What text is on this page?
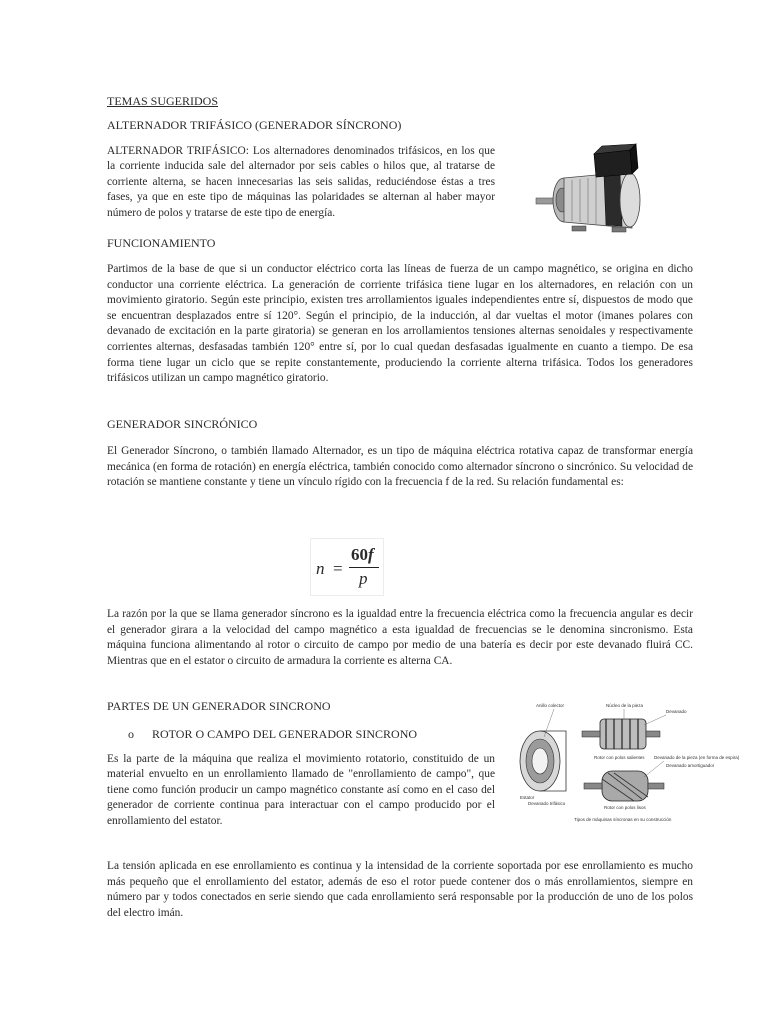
TEMAS SUGERIDOS

ALTERNADOR TRIFÁSICO (GENERADOR SÍNCRONO)

ALTERNADOR TRIFÁSICO: Los alternadores denominados trifásicos, en los que la corriente inducida sale del alternador por seis cables o hilos que, al tratarse de corriente alterna, se hacen innecesarias las seis salidas, reduciéndose éstas a tres fases, ya que en este tipo de máquinas las polaridades se alternan al haber mayor número de polos y tratarse de este tipo de energía.

FUNCIONAMIENTO

Partimos de la base de que si un conductor eléctrico corta las líneas de fuerza de un campo magnético, se origina en dicho conductor una corriente eléctrica. La generación de corriente trifásica tiene lugar en los alternadores, en relación con un movimiento giratorio. Según este principio, existen tres arrollamientos iguales independientes entre sí, dispuestos de modo que se encuentran desplazados entre sí 120°. Según el principio, de la inducción, al dar vueltas el motor (imanes polares con devanado de excitación en la parte giratoria) se generan en los arrollamientos tensiones alternas senoidales y respectivamente corrientes alternas, desfasadas también 120° entre sí, por lo cual quedan desfasadas igualmente en cuanto a tiempo. De esa forma tiene lugar un ciclo que se repite constantemente, produciendo la corriente alterna trifásica. Todos los generadores trifásicos utilizan un campo magnético giratorio.

GENERADOR SINCRÓNICO

El Generador Síncrono, o también llamado Alternador, es un tipo de máquina eléctrica rotativa capaz de transformar energía mecánica (en forma de rotación) en energía eléctrica, también conocido como alternador síncrono o sincrónico. Su velocidad de rotación se mantiene constante y tiene un vínculo rígido con la frecuencia f de la red. Su relación fundamental es:

n =
60f
p

La razón por la que se llama generador síncrono es la igualdad entre la frecuencia eléctrica como la frecuencia angular es decir el generador girara a la velocidad del campo magnético a esta igualdad de frecuencias se le denomina sincronismo. Esta máquina funciona alimentando al rotor o circuito de campo por medio de una batería es decir por este devanado fluirá CC. Mientras que en el estator o circuito de armadura la corriente es alterna CA.

PARTES DE UN GENERADOR SINCRONO

o ROTOR O CAMPO DEL GENERADOR SINCRONO

Es la parte de la máquina que realiza el movimiento rotatorio, constituido de un material envuelto en un enrollamiento llamado de "enrollamiento de campo", que tiene como función producir un campo magnético constante así como en el caso del generador de corriente continua para interactuar con el campo producido por el enrollamiento del estator.

Anillo colector	Núcleo de la pieza
Devanado
Rotor con polos salientes Devanado de la pieza (en forma de espira)
Devanado amortiguador
Estator
Rotor con polos lisos
Devanado trifásico
Tipos de máquinas síncronas en su construcción

La tensión aplicada en ese enrollamiento es continua y la intensidad de la corriente soportada por ese enrollamiento es mucho más pequeño que el enrollamiento del estator, además de eso el rotor puede contener dos o más enrollamientos, siempre en número par y todos conectados en serie siendo que cada enrollamiento será responsable por la producción de uno de los polos del electro imán.
